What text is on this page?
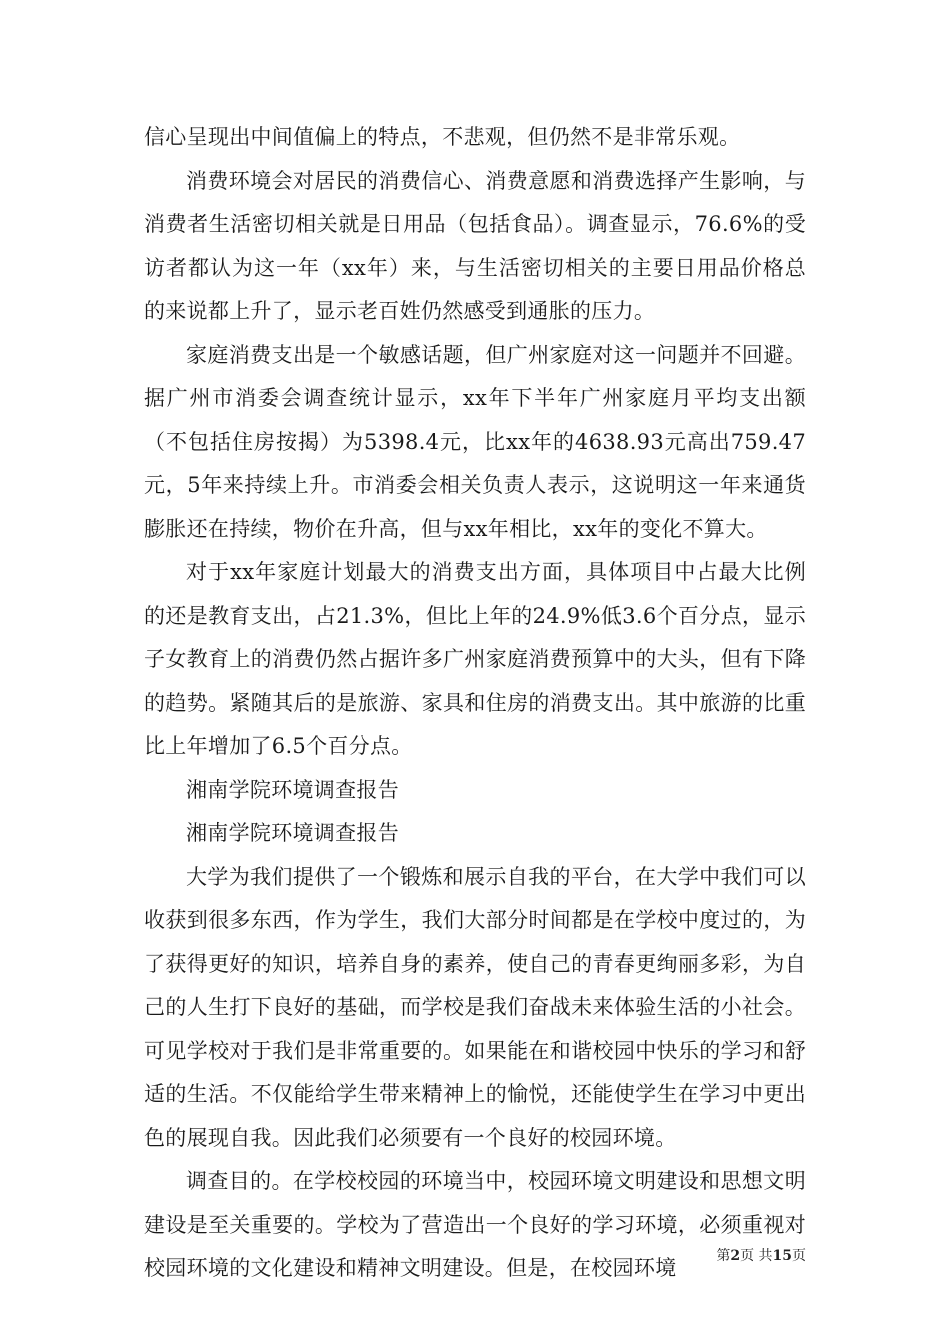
信心呈现出中间值偏上的特点，不悲观，但仍然不是非常乐观。

消费环境会对居民的消费信心、消费意愿和消费选择产生影响，与消费者生活密切相关就是日用品（包括食品）。调查显示，76.6%的受访者都认为这一年（xx年）来，与生活密切相关的主要日用品价格总的来说都上升了，显示老百姓仍然感受到通胀的压力。

家庭消费支出是一个敏感话题，但广州家庭对这一问题并不回避。据广州市消委会调查统计显示，xx年下半年广州家庭月平均支出额（不包括住房按揭）为5398.4元，比xx年的4638.93元高出759.47元，5年来持续上升。市消委会相关负责人表示，这说明这一年来通货膨胀还在持续，物价在升高，但与xx年相比，xx年的变化不算大。

对于xx年家庭计划最大的消费支出方面，具体项目中占最大比例的还是教育支出，占21.3%，但比上年的24.9%低3.6个百分点，显示子女教育上的消费仍然占据许多广州家庭消费预算中的大头，但有下降的趋势。紧随其后的是旅游、家具和住房的消费支出。其中旅游的比重比上年增加了6.5个百分点。

湘南学院环境调查报告

湘南学院环境调查报告

大学为我们提供了一个锻炼和展示自我的平台，在大学中我们可以收获到很多东西，作为学生，我们大部分时间都是在学校中度过的，为了获得更好的知识，培养自身的素养，使自己的青春更绚丽多彩，为自己的人生打下良好的基础，而学校是我们奋战未来体验生活的小社会。可见学校对于我们是非常重要的。如果能在和谐校园中快乐的学习和舒适的生活。不仅能给学生带来精神上的愉悦，还能使学生在学习中更出色的展现自我。因此我们必须要有一个良好的校园环境。

调查目的。在学校校园的环境当中，校园环境文明建设和思想文明建设是至关重要的。学校为了营造出一个良好的学习环境，必须重视对校园环境的文化建设和精神文明建设。但是，在校园环境	第2页 共15页
